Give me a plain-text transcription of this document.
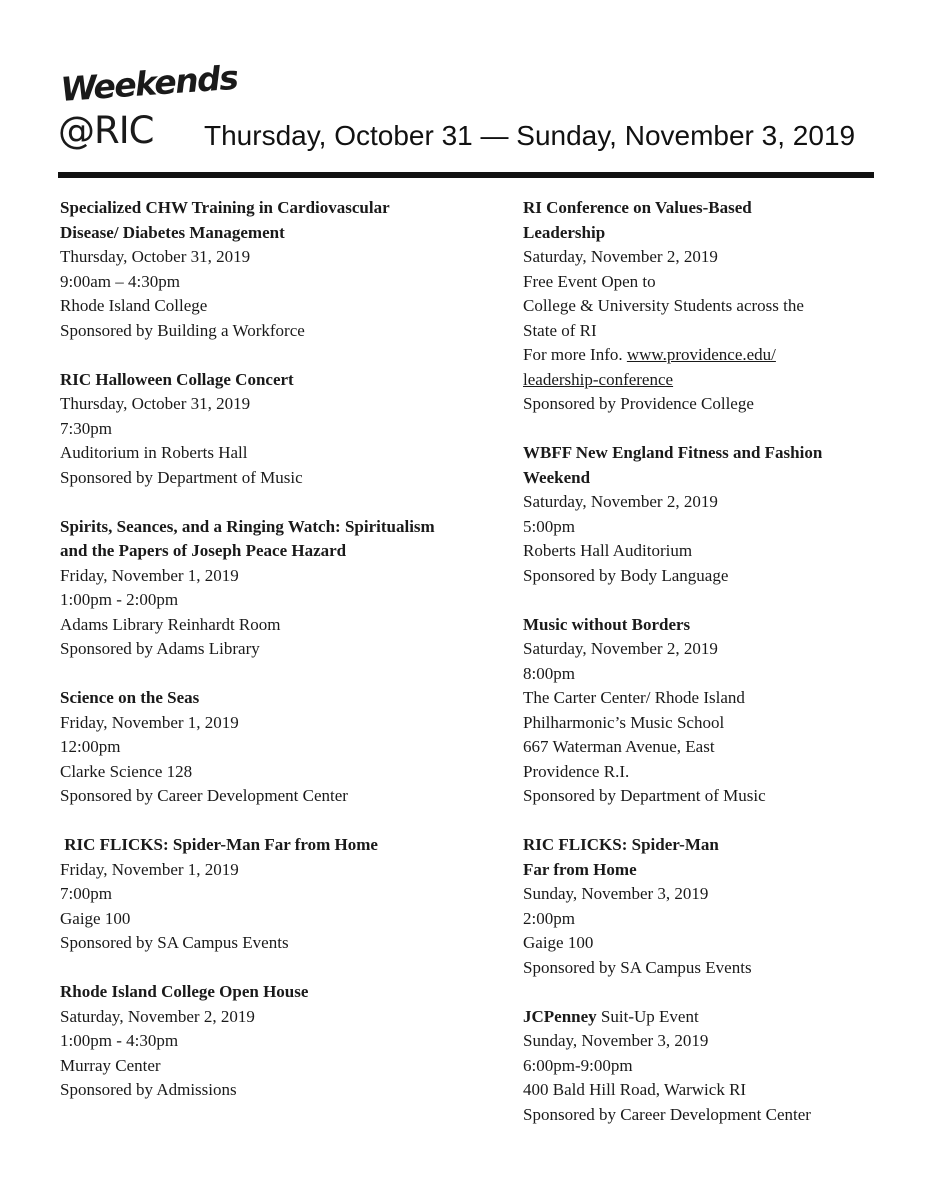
Weekends
@RIC Thursday, October 31 — Sunday, November 3, 2019
Specialized CHW Training in Cardiovascular Disease/ Diabetes Management
Thursday, October 31, 2019
9:00am – 4:30pm
Rhode Island College
Sponsored by Building a Workforce
RIC Halloween Collage Concert
Thursday, October 31, 2019
7:30pm
Auditorium in Roberts Hall
Sponsored by Department of Music
Spirits, Seances, and a Ringing Watch: Spiritualism and the Papers of Joseph Peace Hazard
Friday, November 1, 2019
1:00pm - 2:00pm
Adams Library Reinhardt Room
Sponsored by Adams Library
Science on the Seas
Friday, November 1, 2019
12:00pm
Clarke Science 128
Sponsored by Career Development Center
RIC FLICKS: Spider-Man Far from Home
Friday, November 1, 2019
7:00pm
Gaige 100
Sponsored by SA Campus Events
Rhode Island College Open House
Saturday, November 2, 2019
1:00pm - 4:30pm
Murray Center
Sponsored by Admissions
RI Conference on Values-Based Leadership
Saturday, November 2, 2019
Free Event Open to
College & University Students across the
State of RI
For more Info. www.providence.edu/
leadership-conference
Sponsored by Providence College
WBFF New England Fitness and Fashion Weekend
Saturday, November 2, 2019
5:00pm
Roberts Hall Auditorium
Sponsored by Body Language
Music without Borders
Saturday, November 2, 2019
8:00pm
The Carter Center/ Rhode Island
Philharmonic’s Music School
667 Waterman Avenue, East
Providence R.I.
Sponsored by Department of Music
RIC FLICKS: Spider-Man
Far from Home
Sunday, November 3, 2019
2:00pm
Gaige 100
Sponsored by SA Campus Events
JCPenney Suit-Up Event
Sunday, November 3, 2019
6:00pm-9:00pm
400 Bald Hill Road, Warwick RI
Sponsored by Career Development Center
